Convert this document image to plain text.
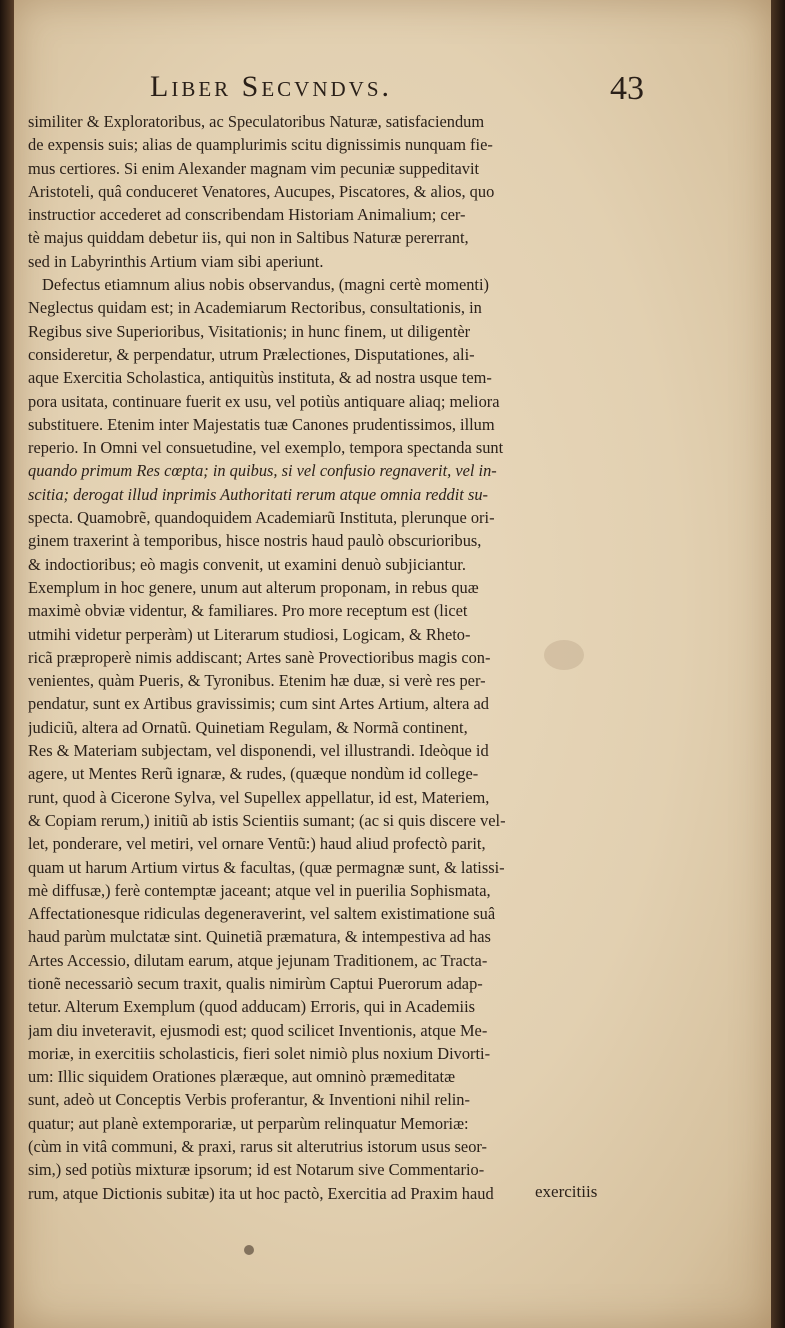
Liber Secvndvs.	43
similiter & Exploratoribus, ac Speculatoribus Naturæ, satisfaciendum
de expensis suis; alias de quamplurimis scitu dignissimis nunquam fie-
mus certiores. Si enim Alexander magnam vim pecuniæ suppeditavit
Aristoteli, quâ conduceret Venatores, Aucupes, Piscatores, & alios, quo
instructior accederet ad conscribendam Historiam Animalium; cer-
tè majus quiddam debetur iis, qui non in Saltibus Naturæ pererrant,
sed in Labyrinthis Artium viam sibi aperiunt.
Defectus etiamnum alius nobis observandus, (magni certè momenti)
Neglectus quidam est; in Academiarum Rectoribus, consultationis, in
Regibus sive Superioribus, Visitationis; in hunc finem, ut diligentèr
consideretur, & perpendatur, utrum Prælectiones, Disputationes, ali-
aque Exercitia Scholastica, antiquitùs instituta, & ad nostra usque tem-
pora usitata, continuare fuerit ex usu, vel potiùs antiquare aliaq; meliora
substituere. Etenim inter Majestatis tuæ Canones prudentissimos, illum
reperio. In Omni vel consuetudine, vel exemplo, tempora spectanda sunt
quando primum Res cœpta; in quibus, si vel confusio regnaverit, vel in-
scitia; derogat illud inprimis Authoritati rerum atque omnia reddit su-
specta. Quamobrẽ, quandoquidem Academiarũ Instituta, plerunque ori-
ginem traxerint à temporibus, hisce nostris haud paulò obscurioribus,
& indoctioribus; eò magis convenit, ut examini denuò subjiciantur.
Exemplum in hoc genere, unum aut alterum proponam, in rebus quæ
maximè obviæ videntur, & familiares. Pro more receptum est (licet
utmihi videtur perperàm) ut Literarum studiosi, Logicam, & Rheto-
ricã præproperè nimis addiscant; Artes sanè Provectioribus magis con-
venientes, quàm Pueris, & Tyronibus. Etenim hæ duæ, si verè res per-
pendatur, sunt ex Artibus gravissimis; cum sint Artes Artium, altera ad
judiciũ, altera ad Ornatũ. Quinetiam Regulam, & Normã continent,
Res & Materiam subjectam, vel disponendi, vel illustrandi. Ideòque id
agere, ut Mentes Rerũ ignaræ, & rudes, (quæque nondùm id college-
runt, quod à Cicerone Sylva, vel Supellex appellatur, id est, Materiem,
& Copiam rerum,) initiũ ab istis Scientiis sumant; (ac si quis discere vel-
let, ponderare, vel metiri, vel ornare Ventũ:) haud aliud profectò parit,
quam ut harum Artium virtus & facultas, (quæ permagnæ sunt, & latissi-
mè diffusæ,) ferè contemptæ jaceant; atque vel in puerilia Sophismata,
Affectationesque ridiculas degeneraverint, vel saltem existimatione suâ
haud parùm mulctatæ sint. Quinetiã præmatura, & intempestiva ad has
Artes Accessio, dilutam earum, atque jejunam Traditionem, ac Tracta-
tionẽ necessariò secum traxit, qualis nimirùm Captui Puerorum adap-
tetur. Alterum Exemplum (quod adducam) Erroris, qui in Academiis
jam diu inveteravit, ejusmodi est; quod scilicet Inventionis, atque Me-
moriæ, in exercitiis scholasticis, fieri solet nimiò plus noxium Divorti-
um: Illic siquidem Orationes plæræque, aut omninò præmeditatæ
sunt, adeò ut Conceptis Verbis proferantur, & Inventioni nihil relin-
quatur; aut planè extemporariæ, ut perparùm relinquatur Memoriæ:
(cùm in vitâ communi, & praxi, rarus sit alterutrius istorum usus seor-
sim,) sed potiùs mixturæ ipsorum; id est Notarum sive Commentario-
rum, atque Dictionis subitæ) ita ut hoc pactò, Exercitia ad Praxim haud	exercitiis
